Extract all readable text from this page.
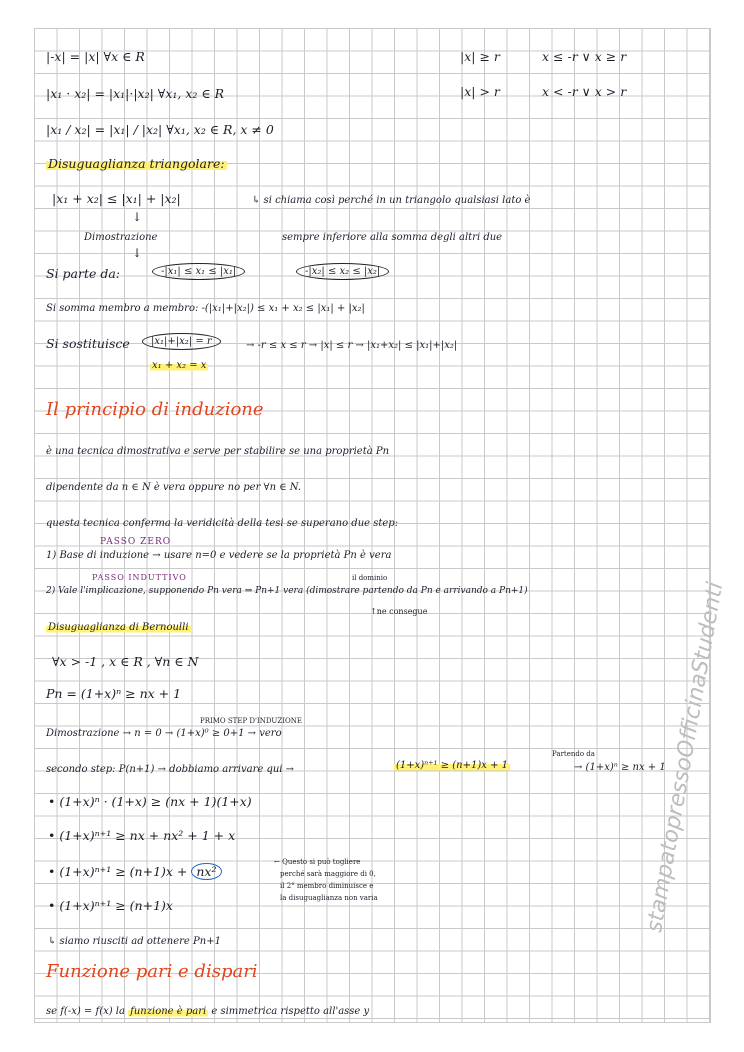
|-x| = |x| ∀x ∈ R	|x| ≥ r	x ≤ -r ∨ x ≥ r
|x₁ · x₂| = |x₁|·|x₂| ∀x₁, x₂ ∈ R	|x| > r	x < -r ∨ x > r
|x₁ / x₂| = |x₁| / |x₂| ∀x₁, x₂ ∈ R, x ≠ 0
Disuguaglianza triangolare:
|x₁ + x₂| ≤ |x₁| + |x₂|	↳ si chiama così perché in un triangolo qualsiasi lato è
↓
Dimostrazione	sempre inferiore alla somma degli altri due
↓
Si parte da:	-|x₁| ≤ x₁ ≤ |x₁|	-|x₂| ≤ x₂ ≤ |x₂|
Si somma membro a membro: -(|x₁|+|x₂|) ≤ x₁ + x₂ ≤ |x₁| + |x₂|
Si sostituisce	|x₁|+|x₂| = r	→ -r ≤ x ≤ r → |x| ≤ r → |x₁+x₂| ≤ |x₁|+|x₂|
x₁ + x₂ = x
Il principio di induzione
è una tecnica dimostrativa e serve per stabilire se una proprietà Pn
dipendente da n ∈ N è vera oppure no per ∀n ∈ N.
questa tecnica conferma la veridicità della tesi se superano due step:
PASSO ZERO
1) Base di induzione → usare n=0 e vedere se la proprietà Pn è vera
PASSO INDUTTIVO	il dominio
2) Vale l'implicazione, supponendo Pn vera ⇒ Pn+1 vera (dimostrare partendo da Pn e arrivando a Pn+1)
↑ne consegue
Disuguaglianza di Bernoulli
∀x > -1 , x ∈ R , ∀n ∈ N
Pn = (1+x)ⁿ ≥ nx + 1
PRIMO STEP D'INDUZIONE
Dimostrazione → n = 0 → (1+x)⁰ ≥ 0+1 → vero
Partendo da
secondo step: P(n+1) → dobbiamo arrivare qui →	(1+x)ⁿ⁺¹ ≥ (n+1)x + 1	→ (1+x)ⁿ ≥ nx + 1
• (1+x)ⁿ · (1+x) ≥ (nx + 1)(1+x)
• (1+x)ⁿ⁺¹ ≥ nx + nx² + 1 + x
• (1+x)ⁿ⁺¹ ≥ (n+1)x + nx²
← Questo si può togliere
perché sarà maggiore di 0,
il 2° membro diminuisce e
la disuguaglianza non varia
• (1+x)ⁿ⁺¹ ≥ (n+1)x
↳ siamo riusciti ad ottenere Pn+1
Funzione pari e dispari
se f(-x) = f(x) la funzione è pari e simmetrica rispetto all'asse y
stampatopressoOfficinaStudenti
